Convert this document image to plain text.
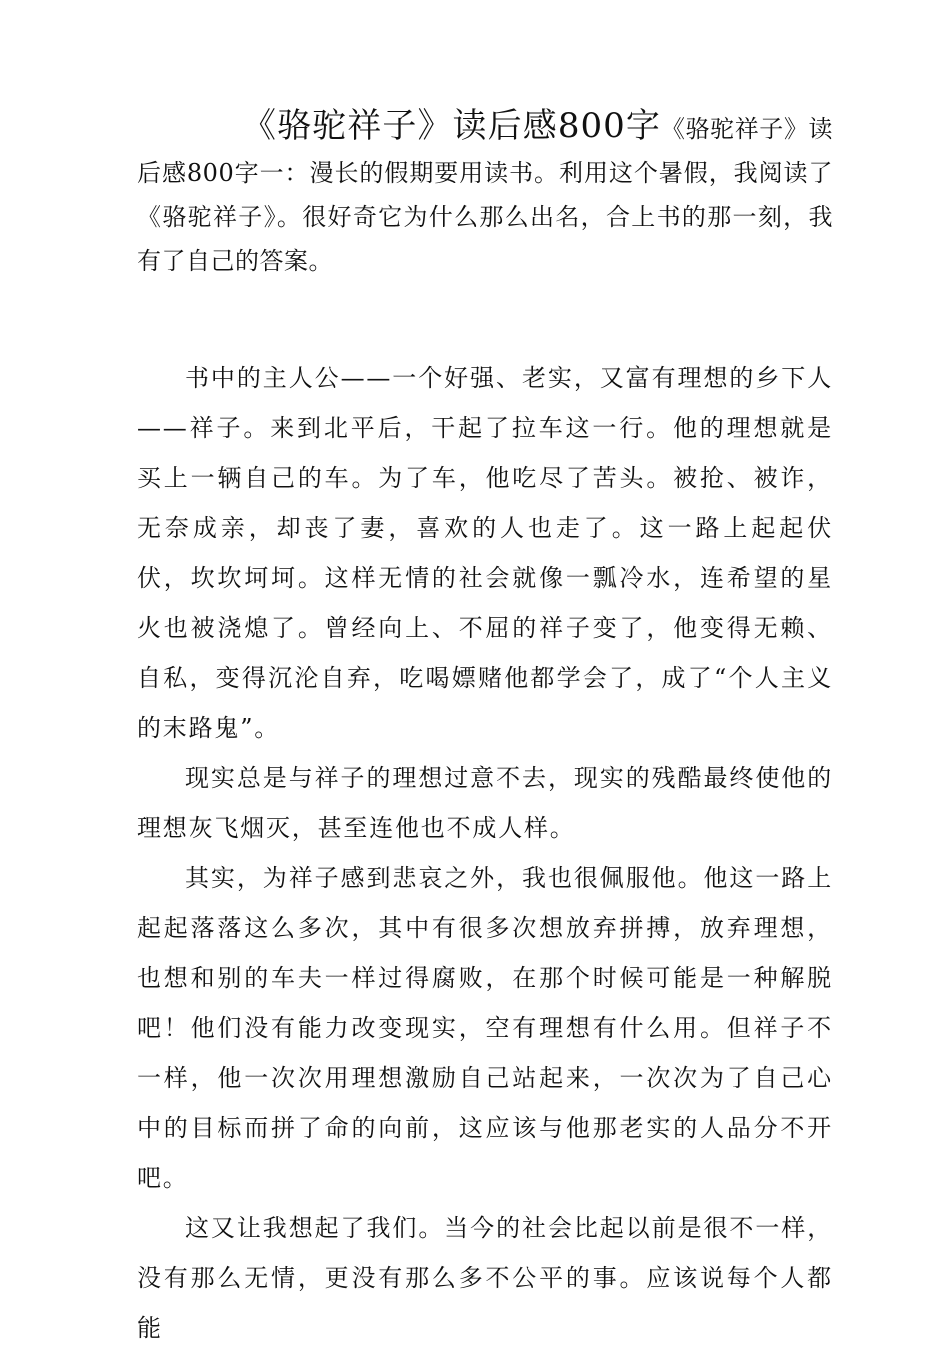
《骆驼祥子》读后感800字《骆驼祥子》读后感800字一：漫长的假期要用读书。利用这个暑假，我阅读了《骆驼祥子》。很好奇它为什么那么出名，合上书的那一刻，我有了自己的答案。

书中的主人公——一个好强、老实，又富有理想的乡下人——祥子。来到北平后，干起了拉车这一行。他的理想就是买上一辆自己的车。为了车，他吃尽了苦头。被抢、被诈，无奈成亲，却丧了妻，喜欢的人也走了。这一路上起起伏伏，坎坎坷坷。这样无情的社会就像一瓢冷水，连希望的星火也被浇熄了。曾经向上、不屈的祥子变了，他变得无赖、自私，变得沉沦自弃，吃喝嫖赌他都学会了，成了“个人主义的末路鬼”。

现实总是与祥子的理想过意不去，现实的残酷最终使他的理想灰飞烟灭，甚至连他也不成人样。

其实，为祥子感到悲哀之外，我也很佩服他。他这一路上起起落落这么多次，其中有很多次想放弃拼搏，放弃理想，也想和别的车夫一样过得腐败，在那个时候可能是一种解脱吧！他们没有能力改变现实，空有理想有什么用。但祥子不一样，他一次次用理想激励自己站起来，一次次为了自己心中的目标而拼了命的向前，这应该与他那老实的人品分不开吧。

这又让我想起了我们。当今的社会比起以前是很不一样，没有那么无情，更没有那么多不公平的事。应该说每个人都能
